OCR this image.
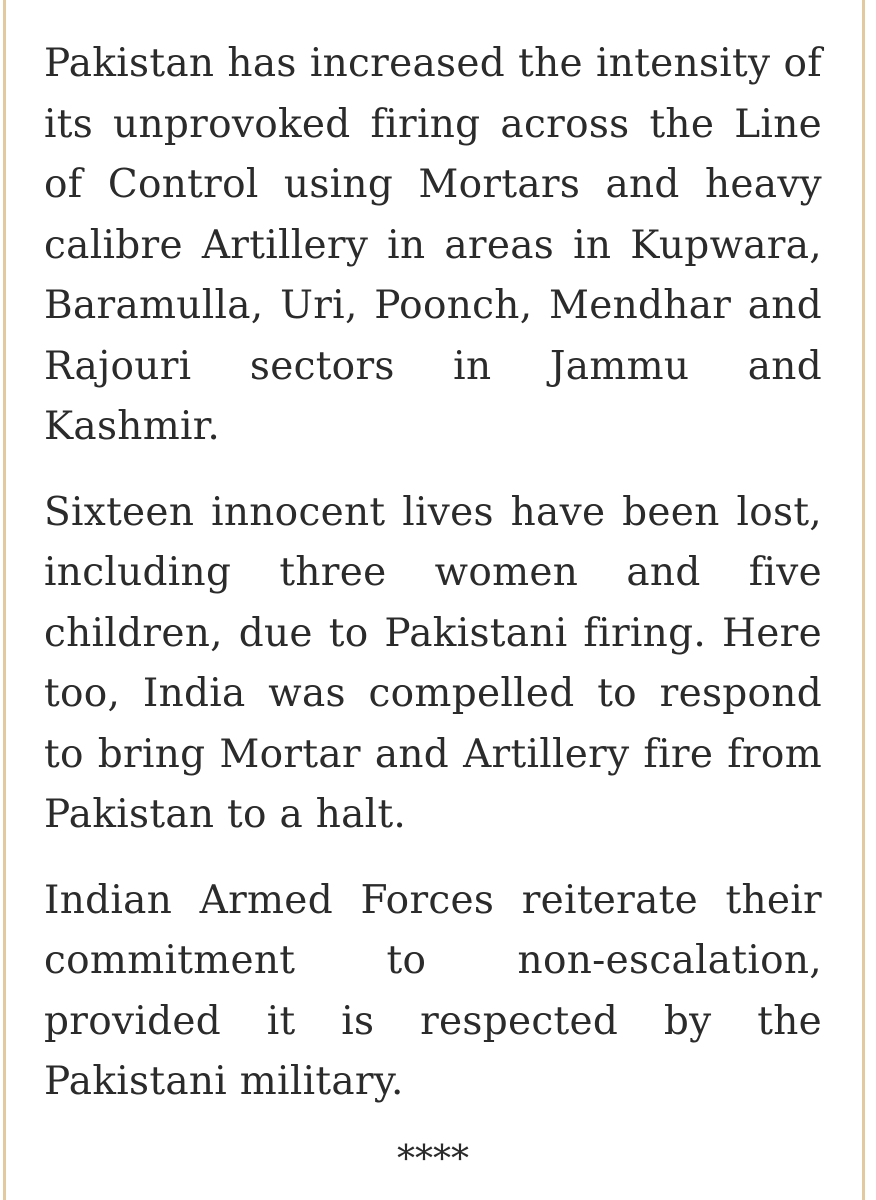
Pakistan has increased the intensity of its unprovoked firing across the Line of Control using Mortars and heavy calibre Artillery in areas in Kupwara, Baramulla, Uri, Poonch, Mendhar and Rajouri sectors in Jammu and Kashmir.

Sixteen innocent lives have been lost, including three women and five children, due to Pakistani firing. Here too, India was compelled to respond to bring Mortar and Artillery fire from Pakistan to a halt.

Indian Armed Forces reiterate their commitment to non-escalation, provided it is respected by the Pakistani military.

****
